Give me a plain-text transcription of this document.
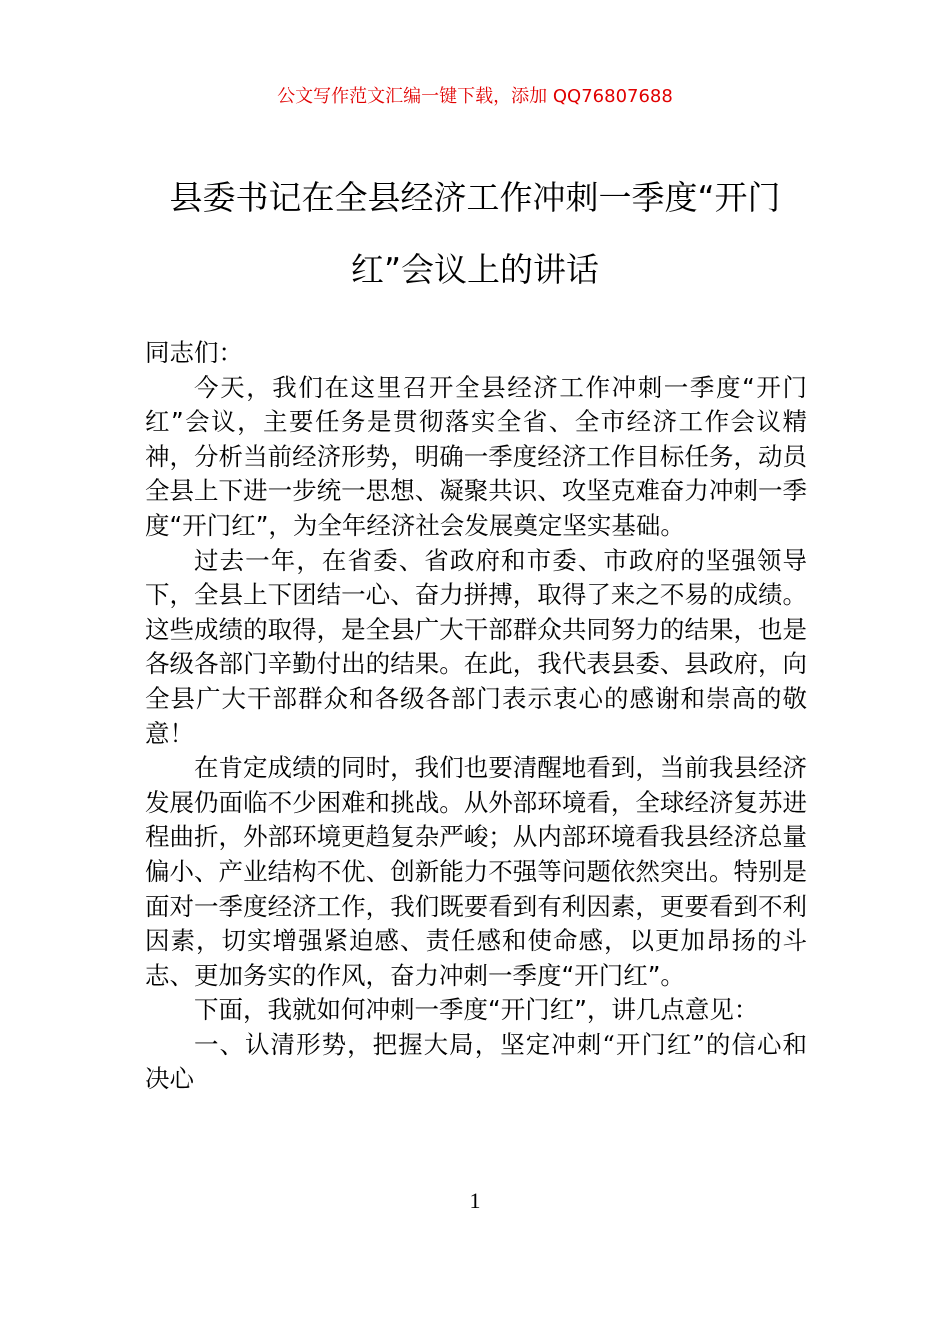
公文写作范文汇编一键下载，添加 QQ76807688
县委书记在全县经济工作冲刺一季度“开门红”会议上的讲话

同志们：

今天，我们在这里召开全县经济工作冲刺一季度“开门红”会议，主要任务是贯彻落实全省、全市经济工作会议精神，分析当前经济形势，明确一季度经济工作目标任务，动员全县上下进一步统一思想、凝聚共识、攻坚克难奋力冲刺一季度“开门红”，为全年经济社会发展奠定坚实基础。

过去一年，在省委、省政府和市委、市政府的坚强领导下，全县上下团结一心、奋力拼搏，取得了来之不易的成绩。这些成绩的取得，是全县广大干部群众共同努力的结果，也是各级各部门辛勤付出的结果。在此，我代表县委、县政府，向全县广大干部群众和各级各部门表示衷心的感谢和崇高的敬意！

在肯定成绩的同时，我们也要清醒地看到，当前我县经济发展仍面临不少困难和挑战。从外部环境看，全球经济复苏进程曲折，外部环境更趋复杂严峻；从内部环境看我县经济总量偏小、产业结构不优、创新能力不强等问题依然突出。特别是面对一季度经济工作，我们既要看到有利因素，更要看到不利因素，切实增强紧迫感、责任感和使命感，以更加昂扬的斗志、更加务实的作风，奋力冲刺一季度“开门红”。

下面，我就如何冲刺一季度“开门红”，讲几点意见：

一、认清形势，把握大局，坚定冲刺“开门红”的信心和决心

1
